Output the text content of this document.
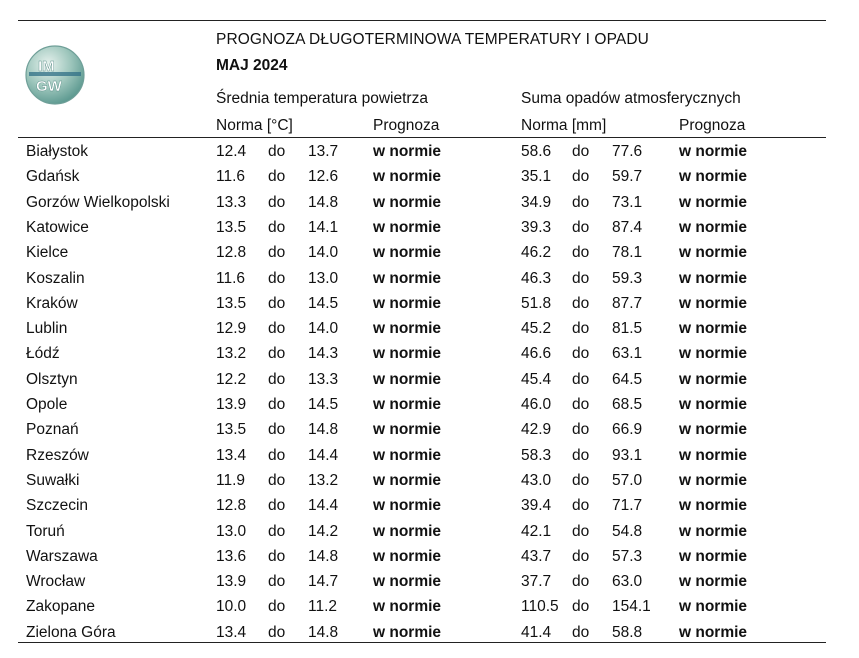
IM
GW
PROGNOZA DŁUGOTERMINOWA TEMPERATURY I OPADU
MAJ 2024
Średnia temperatura powietrza	Suma opadów atmosferycznych
Norma [°C]	Prognoza	Norma [mm]	Prognoza
Białystok	12.4 do 13.7 w normie	58.6 do 77.6 w normie
Gdańsk	11.6 do 12.6 w normie	35.1 do 59.7 w normie
Gorzów Wielkopolski	13.3 do 14.8 w normie	34.9 do 73.1 w normie
Katowice	13.5 do 14.1 w normie	39.3 do 87.4 w normie
Kielce	12.8 do 14.0 w normie	46.2 do 78.1 w normie
Koszalin	11.6 do 13.0 w normie	46.3 do 59.3 w normie
Kraków	13.5 do 14.5 w normie	51.8 do 87.7 w normie
Lublin	12.9 do 14.0 w normie	45.2 do 81.5 w normie
Łódź	13.2 do 14.3 w normie	46.6 do 63.1 w normie
Olsztyn	12.2 do 13.3 w normie	45.4 do 64.5 w normie
Opole	13.9 do 14.5 w normie	46.0 do 68.5 w normie
Poznań	13.5 do 14.8 w normie	42.9 do 66.9 w normie
Rzeszów	13.4 do 14.4 w normie	58.3 do 93.1 w normie
Suwałki	11.9 do 13.2 w normie	43.0 do 57.0 w normie
Szczecin	12.8 do 14.4 w normie	39.4 do 71.7 w normie
Toruń	13.0 do 14.2 w normie	42.1 do 54.8 w normie
Warszawa	13.6 do 14.8 w normie	43.7 do 57.3 w normie
Wrocław	13.9 do 14.7 w normie	37.7 do 63.0 w normie
Zakopane	10.0 do 11.2 w normie	110.5 do 154.1 w normie
Zielona Góra	13.4 do 14.8 w normie	41.4 do 58.8 w normie
